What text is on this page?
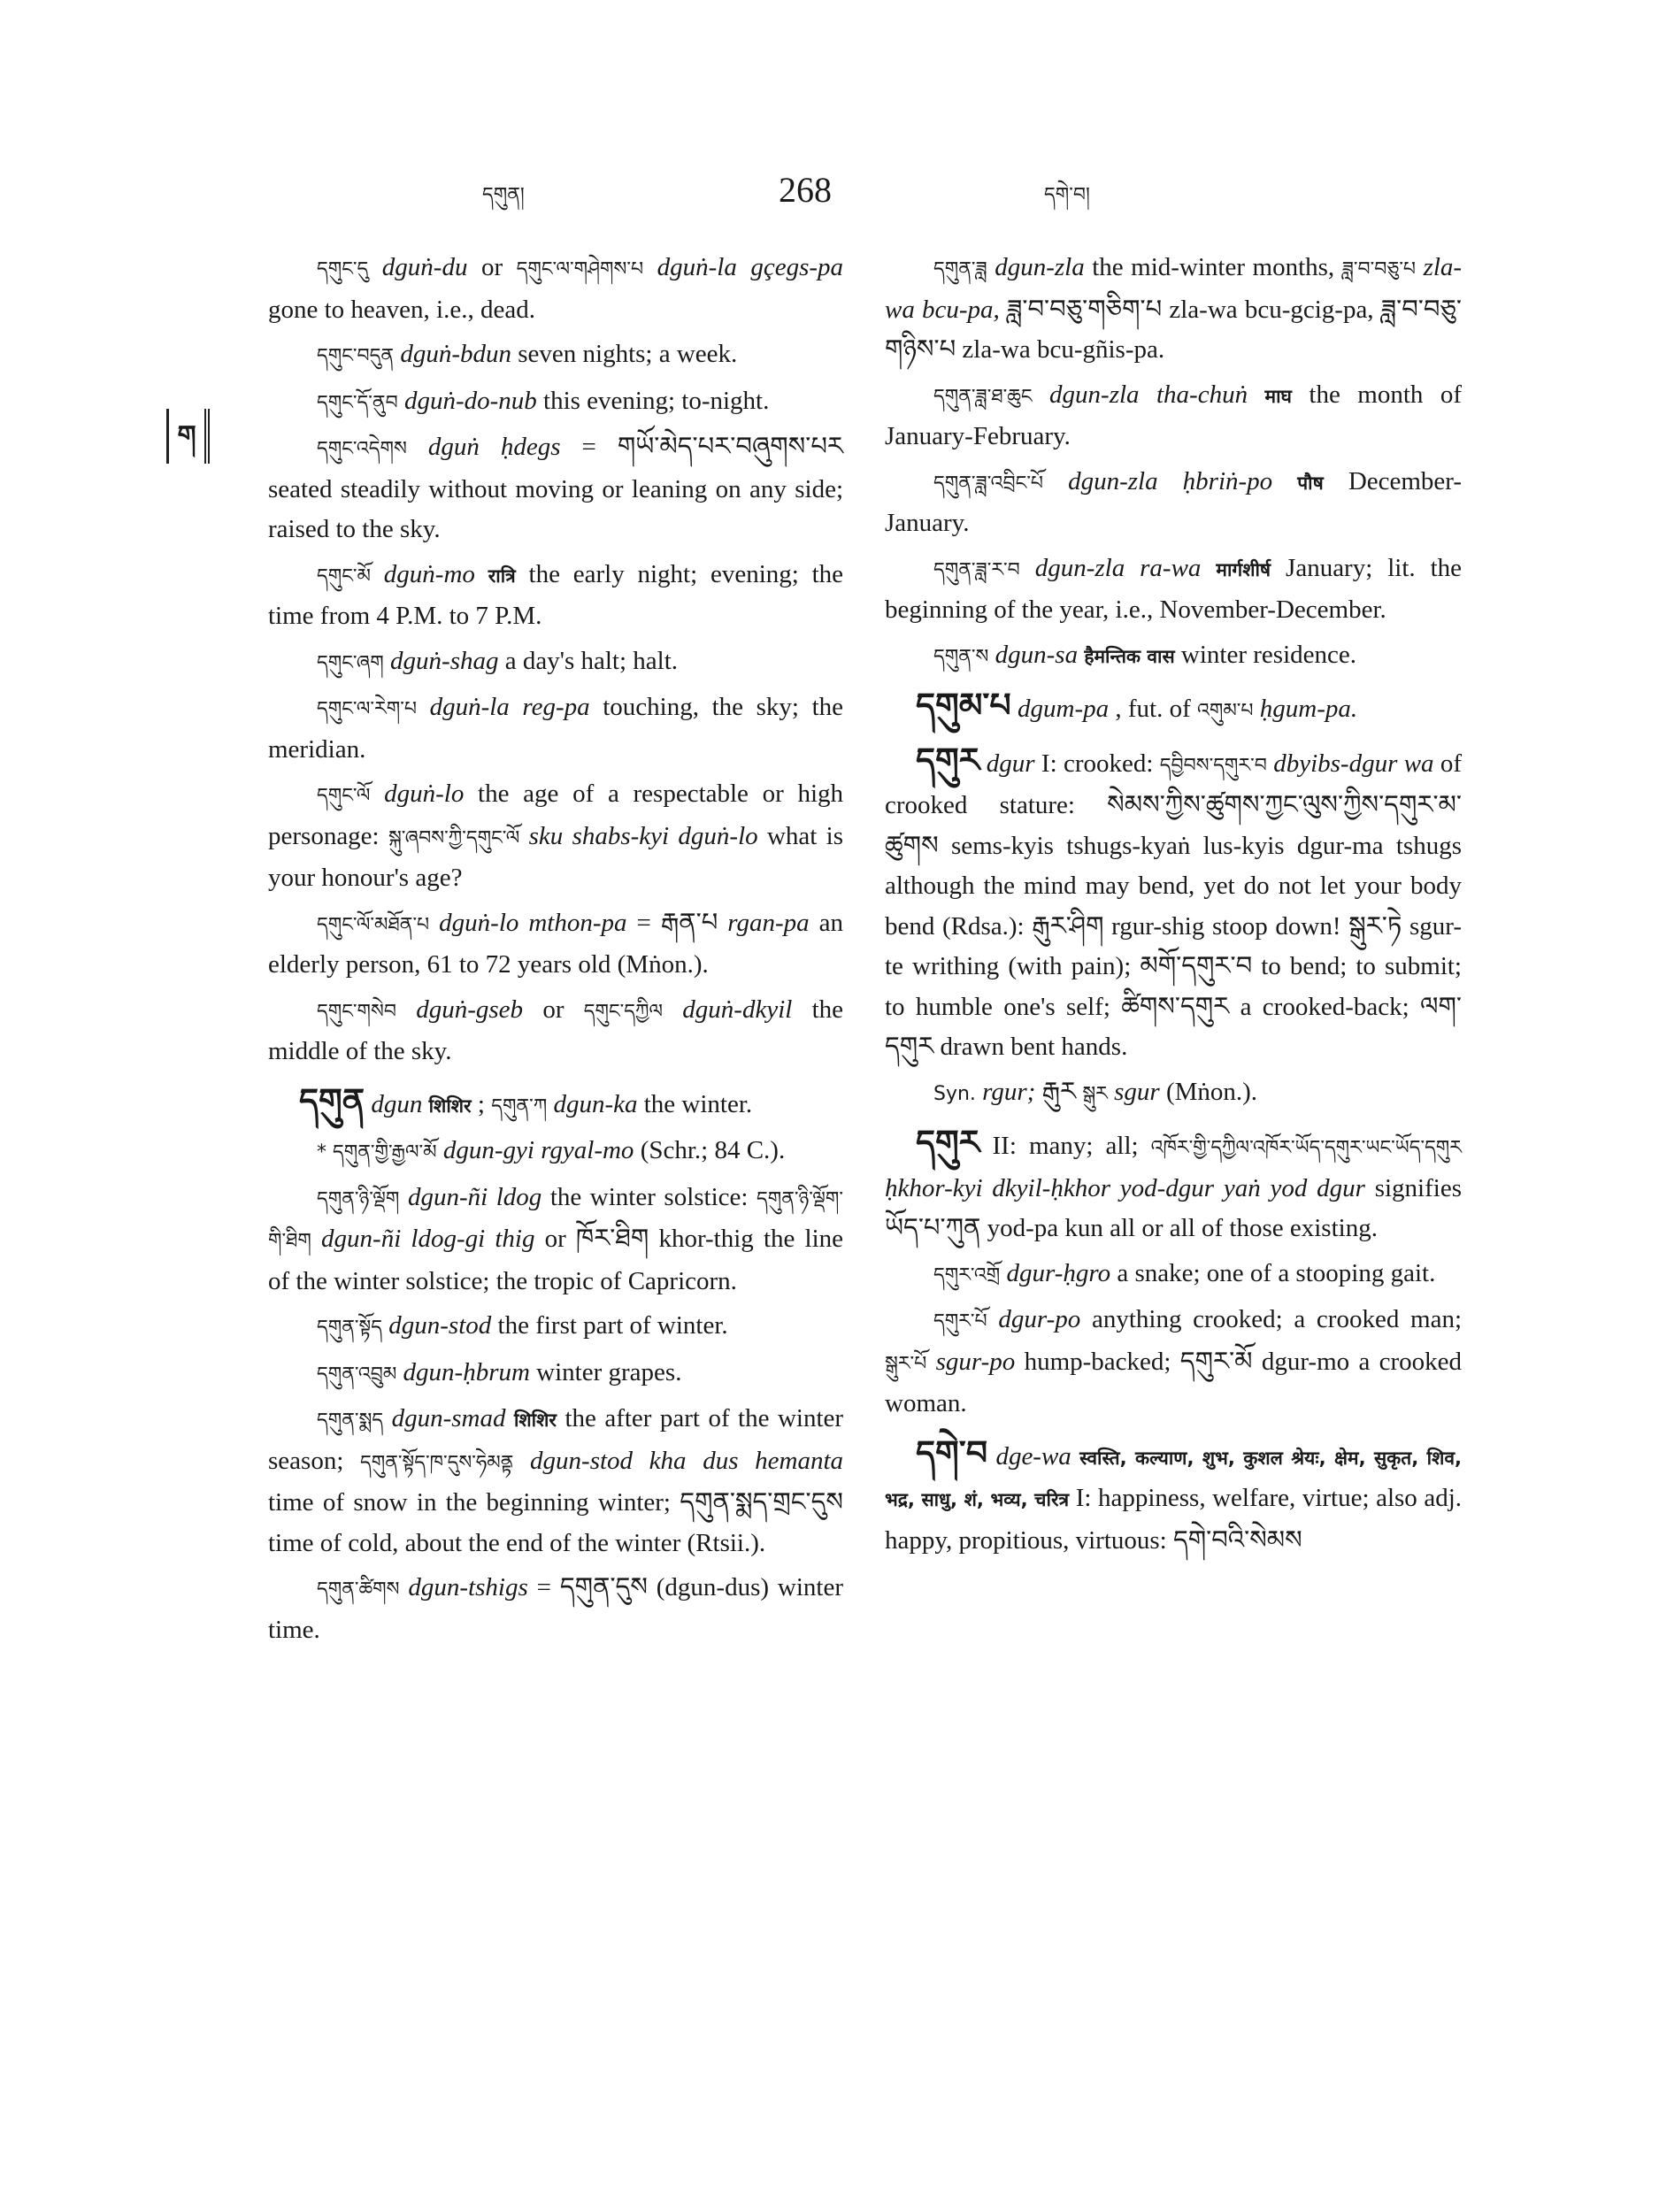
དགུན།	268	དགེ་བ།
ག

དགུང་དུ dguṅ-du or དགུང་ལ་གཤེགས་པ dguṅ-la gçegs-pa gone to heaven, i.e., dead.

དགུང་བདུན dguṅ-bdun seven nights; a week.

དགུང་དོ་ནུབ dguṅ-do-nub this evening; to-night.

དགུང་འདེགས dguṅ ḥdegs = གཡོ་མེད་པར་བཞུགས་པར seated steadily without moving or leaning on any side; raised to the sky.

དགུང་མོ dguṅ-mo रात्रि the early night; evening; the time from 4 P.M. to 7 P.M.

དགུང་ཞག dguṅ-shag a day's halt; halt.

དགུང་ལ་རེག་པ dguṅ-la reg-pa touching, the sky; the meridian.

དགུང་ལོ dguṅ-lo the age of a respectable or high personage: སྐུ་ཞབས་ཀྱི་དགུང་ལོ sku shabs-kyi dguṅ-lo what is your honour's age?

དགུང་ལོ་མཐོན་པ dguṅ-lo mthon-pa = རྒན་པ rgan-pa an elderly person, 61 to 72 years old (Mṅon.).

དགུང་གསེབ dguṅ-gseb or དགུང་དཀྱིལ dguṅ-dkyil the middle of the sky.

དགུན dgun शिशिर ; དགུན་ཀ dgun-ka the winter.

* དགུན་གྱི་རྒྱལ་མོ dgun-gyi rgyal-mo (Schr.; 84 C.).

དགུན་ཉི་ལྡོག dgun-ñi ldog the winter solstice: དགུན་ཉི་ལྡོག་གི་ཐིག dgun-ñi ldog-gi thig or ཁོར་ཐིག khor-thig the line of the winter solstice; the tropic of Capricorn.

དགུན་སྟོད dgun-stod the first part of winter.

དགུན་འབྲུམ dgun-ḥbrum winter grapes.

དགུན་སྨད dgun-smad शिशिर the after part of the winter season; དགུན་སྟོད་ཁ་དུས་ཧེམནྟ dgun-stod kha dus hemanta time of snow in the beginning winter; དགུན་སྨད་གྲང་དུས time of cold, about the end of the winter (Rtsii.).

དགུན་ཚིགས dgun-tshigs = དགུན་དུས (dgun-dus) winter time.

དགུན་ཟླ dgun-zla the mid-winter months, ཟླ་བ་བཅུ་པ zla-wa bcu-pa, ཟླ་བ་བཅུ་གཅིག་པ zla-wa bcu-gcig-pa, ཟླ་བ་བཅུ་གཉིས་པ zla-wa bcu-gñis-pa.

དགུན་ཟླ་ཐ་ཆུང dgun-zla tha-chuṅ माघ the month of January-February.

དགུན་ཟླ་འབྲིང་པོ dgun-zla ḥbriṅ-po पौष December-January.

དགུན་ཟླ་ར་བ dgun-zla ra-wa मार्गशीर्ष January; lit. the beginning of the year, i.e., November-December.

དགུན་ས dgun-sa हैमन्तिक वास winter residence.

དགུམ་པ dgum-pa , fut. of འགུམ་པ ḥgum-pa.

དགུར dgur I: crooked: དབྱིབས་དགུར་བ dbyibs-dgur wa of crooked stature: སེམས་ཀྱིས་ཚུགས་ཀྱང་ལུས་ཀྱིས་དགུར་མ་ཚུགས sems-kyis tshugs-kyaṅ lus-kyis dgur-ma tshugs although the mind may bend, yet do not let your body bend (Rdsa.): རྒུར་ཤིག rgur-shig stoop down! སྒུར་ཏེ sgur-te writhing (with pain); མགོ་དགུར་བ to bend; to submit; to humble one's self; ཚིགས་དགུར a crooked-back; ལག་དགུར drawn bent hands.

Syn. rgur; རྒུར སྒུར sgur (Mṅon.).

དགུར II: many; all; འཁོར་གྱི་དཀྱིལ་འཁོར་ཡོད་དགུར་ཡང་ཡོད་དགུར ḥkhor-kyi dkyil-ḥkhor yod-dgur yaṅ yod dgur signifies ཡོད་པ་ཀུན yod-pa kun all or all of those existing.

དགུར་འགྲོ dgur-ḥgro a snake; one of a stooping gait.

དགུར་པོ dgur-po anything crooked; a crooked man; སྒུར་པོ sgur-po hump-backed; དགུར་མོ dgur-mo a crooked woman.

དགེ་བ dge-wa स्वस्ति, कल्याण, शुभ, कुशल श्रेयः, क्षेम, सुकृत, शिव, भद्र, साधु, शं, भव्य, चरित्र I: happiness, welfare, virtue; also adj. happy, propitious, virtuous: དགེ་བའི་སེམས
